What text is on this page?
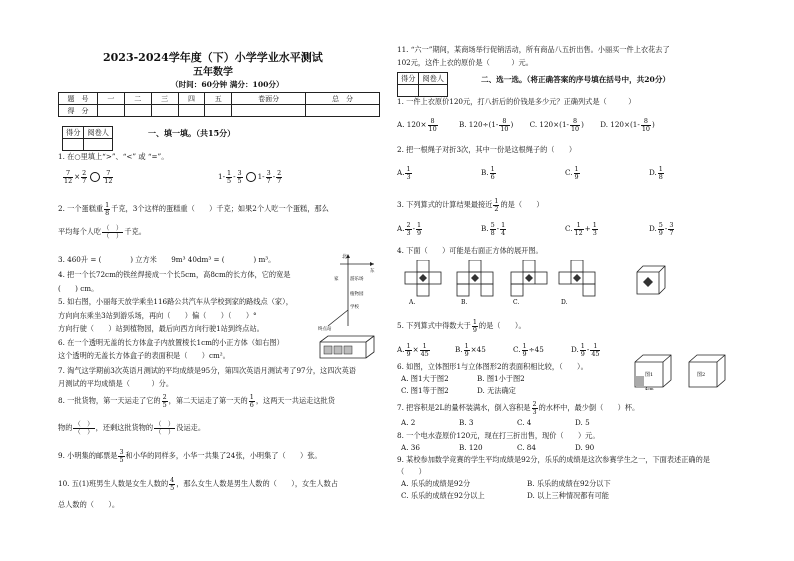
2023-2024学年度（下）小学学业水平测试
五年数学
（时间：60分钟 满分：100分）
题　号	一	二	三	四	五	卷面分	总　分
得　分							
得分	阅卷人
		一、填一填。（共15分）
1. 在○里填上“>”、“<” 或 “=”。
$\frac{7}{12} \times \frac{2}{7}$	$\frac{7}{12}$	$1- \frac{1}{5} - \frac{3}{5} 1- \frac{3}{7} - \frac{2}{7}$
2. 一个蛋糕重 $\frac{1}{8}$ 千克，3个这样的蛋糕重（　　）千克；如果2个人吃一个蛋糕，那么
平均每个人吃 $\frac{( )}{( )}$ 千克。
3. 460升 = (　　　　) 立方米　　9m³ 40dm³ = (　　　　) m³。
4. 把一个长72cm的铁丝焊接成一个长5cm，高8cm的长方体，它的宽是
(　　) cm。
5. 如右图，小丽每天放学乘坐116路公共汽车从学校到家的路线点（家），
方向向东乘坐3站到游乐场，再向（　　）偏（　　）（　　）°
方向行驶（　　）站到植物园，最后向西方向行驶1站到终点站。
6. 在一个透明无盖的长方体盒子内放置棱长1cm的小正方体（如右图）
这个透明的无盖长方体盒子的表面积是（　　）cm²。
7. 淘气这学期前3次英语月测试的平均成绩是95分，第四次英语月测试考了97分，这四次英语
月测试的平均成绩是（　　　）分。
8. 一批货物，第一天运走了它的 $\frac{2}{5}$ ，第二天运走了第一天的 $\frac{1}{6}$ ，这两天一共运走这批货
物的 $\frac{( )}{( )}$ ，还剩这批货物的 $\frac{( )}{( )}$ 没运走。
9. 小明集的邮票是 $\frac{3}{5}$ 和小华的同样多，小华一共集了24张，小明集了（　　）张。
10. 五(1)班男生人数是女生人数的 $\frac{4}{5}$ ，那么女生人数是男生人数的（　　），女生人数占
总人数的（　　）。
北
游乐场
植物园
学校
终点站
家
东
11. “六一”期间，某商场举行促销活动，所有商品八五折出售。小丽买一件上衣花去了
102元，这件上衣的原价是（　　　）元。
得分	阅卷人
		二、选一选。（将正确答案的序号填在括号中，共20分）
1. 一件上衣原价120元，打八折后的价钱是多少元？正确列式是（　　　）
A. $120\times \frac{8}{10}$	B. $120\div(1- \frac{8}{10}$ ) C. $120\times(1- \frac{8}{10}$ ) D. $120\times(1- \frac{8}{10}$ )
2. 把一根绳子对折3次，其中一份是这根绳子的（　　）
A. $\frac{1}{3}$	B. $\frac{1}{6}$	C. $\frac{1}{9}$	D. $\frac{1}{8}$
3. 下列算式的计算结果最接近 $\frac{1}{2}$ 的是（　　）
A. $\frac{2}{3} - \frac{1}{9}$	B. $\frac{5}{8} - \frac{1}{4}$	C. $\frac{1}{12} + \frac{1}{3}$	D. $\frac{5}{9} - \frac{3}{7}$
4. 下面（　　）可能是右面正方体的展开图。
A.	B.	C.	D.
5. 下列算式中得数大于 $\frac{1}{9}$ 的是（　　）。
A. $\frac{1}{9} \times \frac{1}{45}$	B. $\frac{1}{9} \times 45$	C. $\frac{1}{9} \div 45$	D. $\frac{1}{9} - \frac{1}{45}$
6. 如图，立体图形1与立体图形2的表面积相比较，（　　）。
A. 图1大于图2	B. 图1小于图2
C. 图1等于图2	D. 无法确定
图1	图2
4cm
7. 把容积是2L的量杯装满水，倒入容积是 $\frac{2}{3}$ 的水杯中，最少倒（　　）杯。
A. 2	B. 3	C. 4	D. 5
8. 一个电水壶原价120元，现在打三折出售，现价（　　）元。
A. 36	B. 120	C. 84	D. 90
9. 某校参加数学竞赛的学生平均成绩是92分，乐乐的成绩是这次参赛学生之一，下面表述正确的是
（　　）
A. 乐乐的成绩是92分	B. 乐乐的成绩在92分以下
C. 乐乐的成绩在92分以上	D. 以上三种情况都有可能
